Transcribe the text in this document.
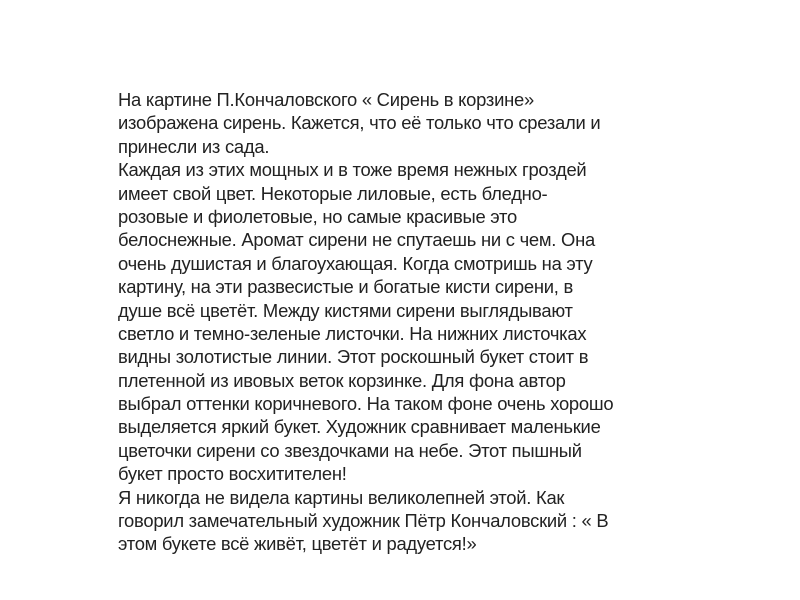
На картине П.Кончаловского « Сирень в корзине»
изображена сирень. Кажется, что её только что срезали и
принесли из сада.
Каждая из этих мощных и в тоже время нежных гроздей
имеет свой цвет. Некоторые лиловые, есть бледно-
розовые и фиолетовые, но самые красивые это
белоснежные. Аромат сирени не спутаешь ни с чем. Она
очень душистая и благоухающая. Когда смотришь на эту
картину, на эти развесистые и богатые кисти сирени, в
душе всё цветёт. Между кистями сирени выглядывают
светло и темно-зеленые листочки. На нижних листочках
видны золотистые линии. Этот роскошный букет стоит в
плетенной из ивовых веток корзинке. Для фона автор
выбрал оттенки коричневого. На таком фоне очень хорошо
выделяется яркий букет. Художник сравнивает маленькие
цветочки сирени со звездочками на небе. Этот пышный
букет просто восхитителен!
Я никогда не видела картины великолепней этой. Как
говорил замечательный художник Пётр Кончаловский : « В
этом букете всё живёт, цветёт и радуется!»
